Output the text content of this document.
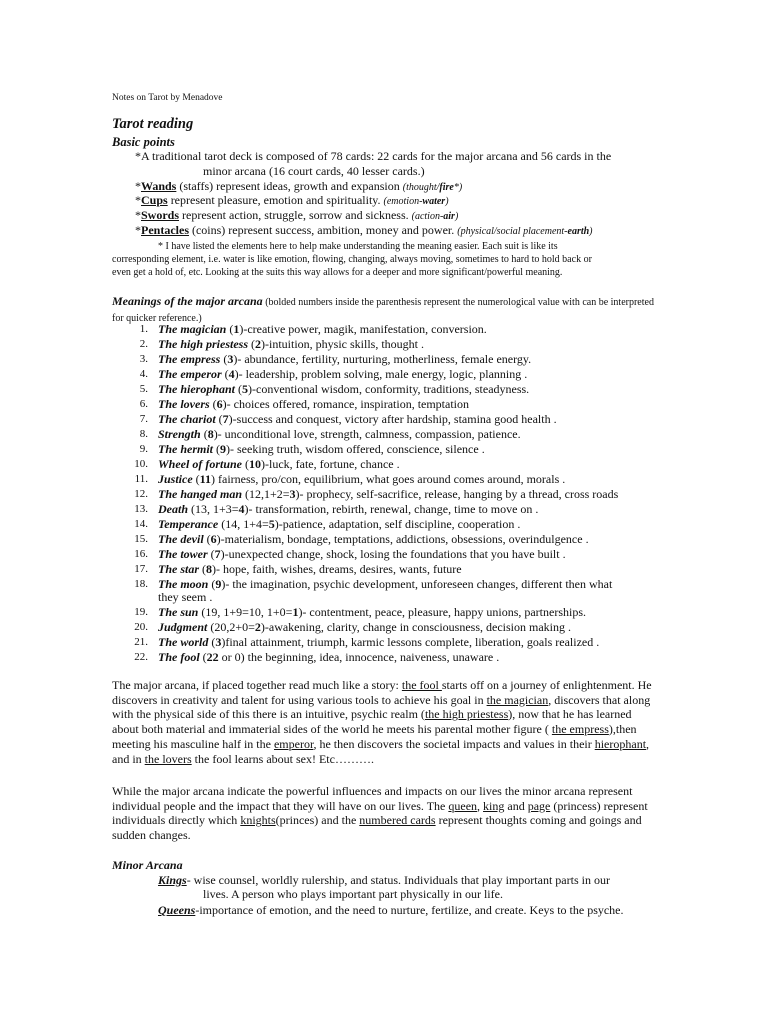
Notes on Tarot by Menadove
Tarot reading
Basic points
*A traditional tarot deck is composed of 78 cards: 22 cards for the major arcana and 56 cards in the
minor arcana (16 court cards, 40 lesser cards.)
*Wands (staffs) represent ideas, growth and expansion (thought/fire*)
*Cups represent pleasure, emotion and spirituality. (emotion-water)
*Swords represent action, struggle, sorrow and sickness. (action-air)
*Pentacles (coins) represent success, ambition, money and power. (physical/social placement-earth)
* I have listed the elements here to help make understanding the meaning easier. Each suit is like its
corresponding element, i.e. water is like emotion, flowing, changing, always moving, sometimes to hard to hold back or
even get a hold of, etc. Looking at the suits this way allows for a deeper and more significant/powerful meaning.
Meanings of the major arcana (bolded numbers inside the parenthesis represent the numerological value with can be interpreted for quicker reference.)
1. The magician (1)-creative power, magik, manifestation, conversion.
2. The high priestess (2)-intuition, physic skills, thought .
3. The empress (3)- abundance, fertility, nurturing, motherliness, female energy.
4. The emperor (4)- leadership, problem solving, male energy, logic, planning .
5. The hierophant (5)-conventional wisdom, conformity, traditions, steadyness.
6. The lovers (6)- choices offered, romance, inspiration, temptation
7. The chariot (7)-success and conquest, victory after hardship, stamina good health .
8. Strength (8)- unconditional love, strength, calmness, compassion, patience.
9. The hermit (9)- seeking truth, wisdom offered, conscience, silence .
10. Wheel of fortune (10)-luck, fate, fortune, chance .
11. Justice (11) fairness, pro/con, equilibrium, what goes around comes around, morals .
12. The hanged man (12,1+2=3)- prophecy, self-sacrifice, release, hanging by a thread, cross roads
13. Death (13, 1+3=4)- transformation, rebirth, renewal, change, time to move on .
14. Temperance (14, 1+4=5)-patience, adaptation, self discipline, cooperation .
15. The devil (6)-materialism, bondage, temptations, addictions, obsessions, overindulgence .
16. The tower (7)-unexpected change, shock, losing the foundations that you have built .
17. The star (8)- hope, faith, wishes, dreams, desires, wants, future
18. The moon (9)- the imagination, psychic development, unforeseen changes, different then what
19. The sun (19, 1+9=10, 1+0=1)- contentment, peace, pleasure, happy unions, partnerships.
20. Judgment (20,2+0=2)-awakening, clarity, change in consciousness, decision making .
21. The world (3)final attainment, triumph, karmic lessons complete, liberation, goals realized .
22. The fool (22 or 0) the beginning, idea, innocence, naiveness, unaware .
they seem .
The major arcana, if placed together read much like a story: the fool starts off on a journey of enlightenment. He discovers in creativity and talent for using various tools to achieve his goal in the magician, discovers that along with the physical side of this there is an intuitive, psychic realm (the high priestess), now that he has learned about both material and immaterial sides of the world he meets his parental mother figure ( the empress),then meeting his masculine half in the emperor, he then discovers the societal impacts and values in their hierophant, and in the lovers the fool learns about sex! Etc……….
While the major arcana indicate the powerful influences and impacts on our lives the minor arcana represent individual people and the impact that they will have on our lives. The queen, king and page (princess) represent individuals directly which knights(princes) and the numbered cards represent thoughts coming and goings and sudden changes.
Minor Arcana
Kings- wise counsel, worldly rulership, and status. Individuals that play important parts in our
lives. A person who plays important part physically in our life.
Queens-importance of emotion, and the need to nurture, fertilize, and create. Keys to the psyche.
